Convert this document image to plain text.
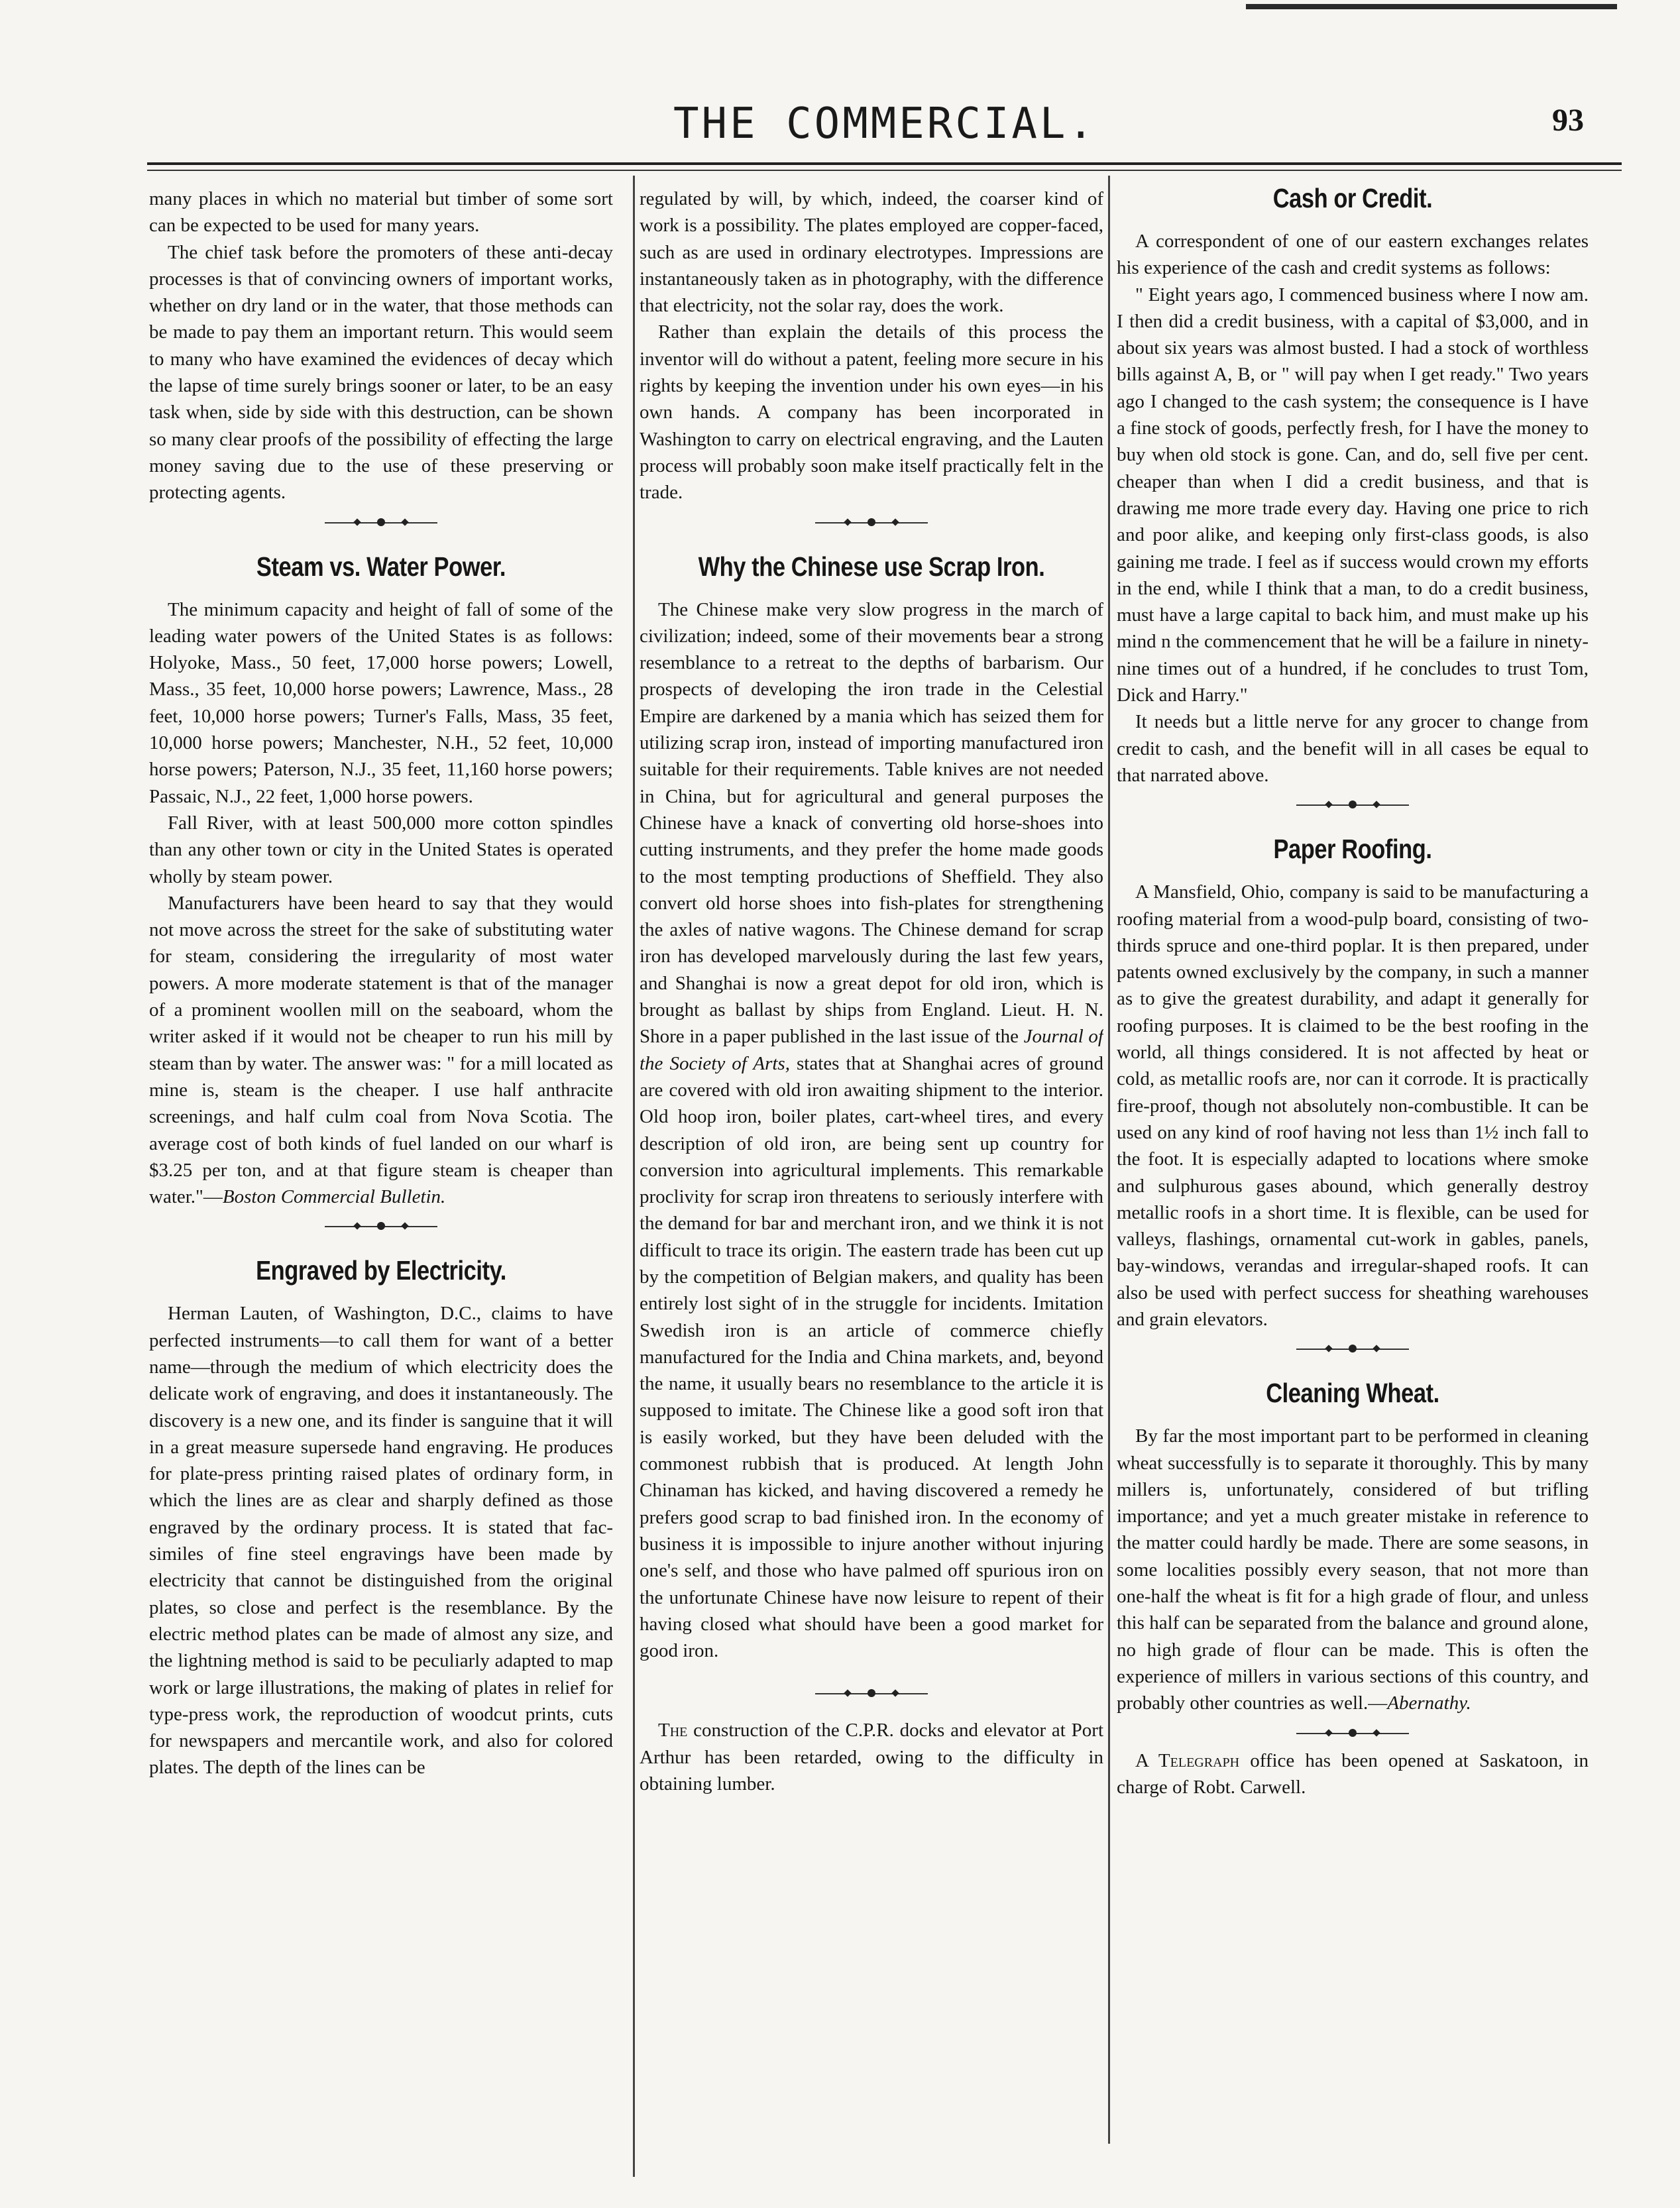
THE COMMERCIAL.	93

many places in which no material but timber of some sort can be expected to be used for many years.

The chief task before the promoters of these anti-decay processes is that of convincing owners of important works, whether on dry land or in the water, that those methods can be made to pay them an important return. This would seem to many who have examined the evidences of decay which the lapse of time surely brings sooner or later, to be an easy task when, side by side with this destruction, can be shown so many clear proofs of the possibility of effecting the large money saving due to the use of these preserving or protecting agents.

Steam vs. Water Power.

The minimum capacity and height of fall of some of the leading water powers of the United States is as follows: Holyoke, Mass., 50 feet, 17,000 horse powers; Lowell, Mass., 35 feet, 10,000 horse powers; Lawrence, Mass., 28 feet, 10,000 horse powers; Turner's Falls, Mass, 35 feet, 10,000 horse powers; Manchester, N.H., 52 feet, 10,000 horse powers; Paterson, N.J., 35 feet, 11,160 horse powers; Passaic, N.J., 22 feet, 1,000 horse powers.

Fall River, with at least 500,000 more cotton spindles than any other town or city in the United States is operated wholly by steam power.

Manufacturers have been heard to say that they would not move across the street for the sake of substituting water for steam, considering the irregularity of most water powers. A more moderate statement is that of the manager of a prominent woollen mill on the seaboard, whom the writer asked if it would not be cheaper to run his mill by steam than by water. The answer was: " for a mill located as mine is, steam is the cheaper. I use half anthracite screenings, and half culm coal from Nova Scotia. The average cost of both kinds of fuel landed on our wharf is $3.25 per ton, and at that figure steam is cheaper than water."—Boston Commercial Bulletin.

Engraved by Electricity.

Herman Lauten, of Washington, D.C., claims to have perfected instruments—to call them for want of a better name—through the medium of which electricity does the delicate work of engraving, and does it instantaneously. The discovery is a new one, and its finder is sanguine that it will in a great measure supersede hand engraving. He produces for plate-press printing raised plates of ordinary form, in which the lines are as clear and sharply defined as those engraved by the ordinary process. It is stated that fac-similes of fine steel engravings have been made by electricity that cannot be distinguished from the original plates, so close and perfect is the resemblance. By the electric method plates can be made of almost any size, and the lightning method is said to be peculiarly adapted to map work or large illustrations, the making of plates in relief for type-press work, the reproduction of woodcut prints, cuts for newspapers and mercantile work, and also for colored plates. The depth of the lines can be

regulated by will, by which, indeed, the coarser kind of work is a possibility. The plates employed are copper-faced, such as are used in ordinary electrotypes. Impressions are instantaneously taken as in photography, with the difference that electricity, not the solar ray, does the work.

Rather than explain the details of this process the inventor will do without a patent, feeling more secure in his rights by keeping the invention under his own eyes—in his own hands. A company has been incorporated in Washington to carry on electrical engraving, and the Lauten process will probably soon make itself practically felt in the trade.

Why the Chinese use Scrap Iron.

The Chinese make very slow progress in the march of civilization; indeed, some of their movements bear a strong resemblance to a retreat to the depths of barbarism. Our prospects of developing the iron trade in the Celestial Empire are darkened by a mania which has seized them for utilizing scrap iron, instead of importing manufactured iron suitable for their requirements. Table knives are not needed in China, but for agricultural and general purposes the Chinese have a knack of converting old horse-shoes into cutting instruments, and they prefer the home made goods to the most tempting productions of Sheffield. They also convert old horse shoes into fish-plates for strengthening the axles of native wagons. The Chinese demand for scrap iron has developed marvelously during the last few years, and Shanghai is now a great depot for old iron, which is brought as ballast by ships from England. Lieut. H. N. Shore in a paper published in the last issue of the Journal of the Society of Arts, states that at Shanghai acres of ground are covered with old iron awaiting shipment to the interior. Old hoop iron, boiler plates, cart-wheel tires, and every description of old iron, are being sent up country for conversion into agricultural implements. This remarkable proclivity for scrap iron threatens to seriously interfere with the demand for bar and merchant iron, and we think it is not difficult to trace its origin. The eastern trade has been cut up by the competition of Belgian makers, and quality has been entirely lost sight of in the struggle for incidents. Imitation Swedish iron is an article of commerce chiefly manufactured for the India and China markets, and, beyond the name, it usually bears no resemblance to the article it is supposed to imitate. The Chinese like a good soft iron that is easily worked, but they have been deluded with the commonest rubbish that is produced. At length John Chinaman has kicked, and having discovered a remedy he prefers good scrap to bad finished iron. In the economy of business it is impossible to injure another without injuring one's self, and those who have palmed off spurious iron on the unfortunate Chinese have now leisure to repent of their having closed what should have been a good market for good iron.

The construction of the C.P.R. docks and elevator at Port Arthur has been retarded, owing to the difficulty in obtaining lumber.

Cash or Credit.

A correspondent of one of our eastern exchanges relates his experience of the cash and credit systems as follows:

" Eight years ago, I commenced business where I now am. I then did a credit business, with a capital of $3,000, and in about six years was almost busted. I had a stock of worthless bills against A, B, or " will pay when I get ready." Two years ago I changed to the cash system; the consequence is I have a fine stock of goods, perfectly fresh, for I have the money to buy when old stock is gone. Can, and do, sell five per cent. cheaper than when I did a credit business, and that is drawing me more trade every day. Having one price to rich and poor alike, and keeping only first-class goods, is also gaining me trade. I feel as if success would crown my efforts in the end, while I think that a man, to do a credit business, must have a large capital to back him, and must make up his mind n the commencement that he will be a failure in ninety-nine times out of a hundred, if he concludes to trust Tom, Dick and Harry."

It needs but a little nerve for any grocer to change from credit to cash, and the benefit will in all cases be equal to that narrated above.

Paper Roofing.

A Mansfield, Ohio, company is said to be manufacturing a roofing material from a wood-pulp board, consisting of two-thirds spruce and one-third poplar. It is then prepared, under patents owned exclusively by the company, in such a manner as to give the greatest durability, and adapt it generally for roofing purposes. It is claimed to be the best roofing in the world, all things considered. It is not affected by heat or cold, as metallic roofs are, nor can it corrode. It is practically fire-proof, though not absolutely non-combustible. It can be used on any kind of roof having not less than 1½ inch fall to the foot. It is especially adapted to locations where smoke and sulphurous gases abound, which generally destroy metallic roofs in a short time. It is flexible, can be used for valleys, flashings, ornamental cut-work in gables, panels, bay-windows, verandas and irregular-shaped roofs. It can also be used with perfect success for sheathing warehouses and grain elevators.

Cleaning Wheat.

By far the most important part to be performed in cleaning wheat successfully is to separate it thoroughly. This by many millers is, unfortunately, considered of but trifling importance; and yet a much greater mistake in reference to the matter could hardly be made. There are some seasons, in some localities possibly every season, that not more than one-half the wheat is fit for a high grade of flour, and unless this half can be separated from the balance and ground alone, no high grade of flour can be made. This is often the experience of millers in various sections of this country, and probably other countries as well.—Abernathy.

A Telegraph office has been opened at Saskatoon, in charge of Robt. Carwell.
